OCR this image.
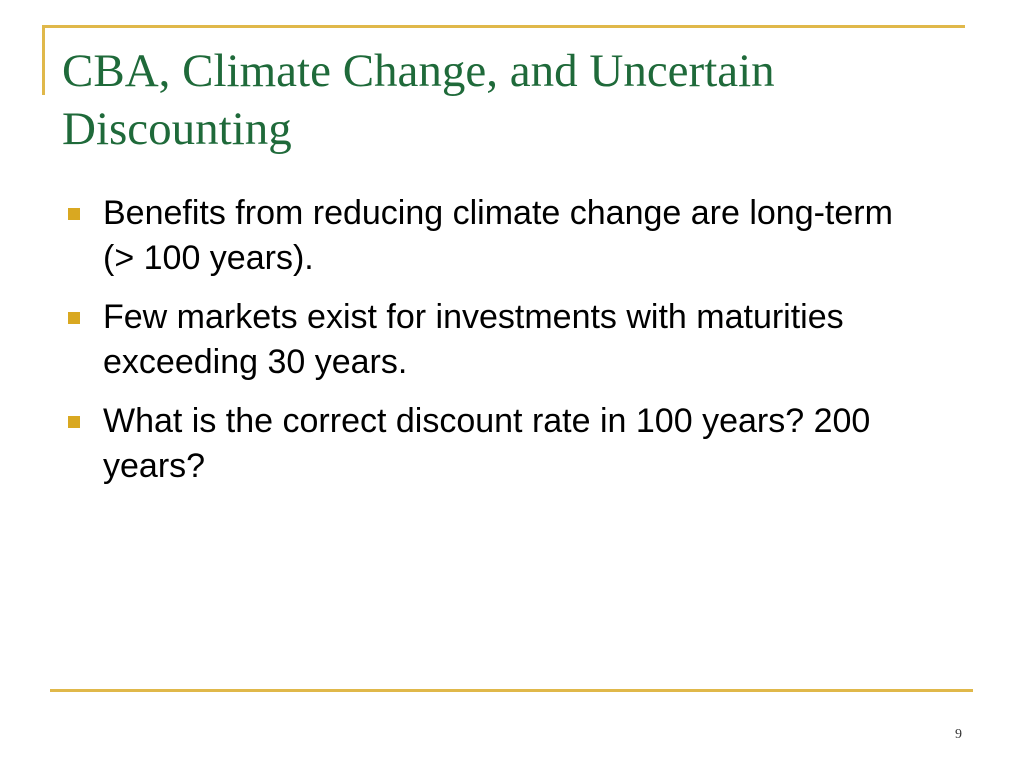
CBA, Climate Change, and Uncertain Discounting
Benefits from reducing climate change are long-term (> 100 years).
Few markets exist for investments with maturities exceeding 30 years.
What is the correct discount rate in 100 years? 200 years?
9
